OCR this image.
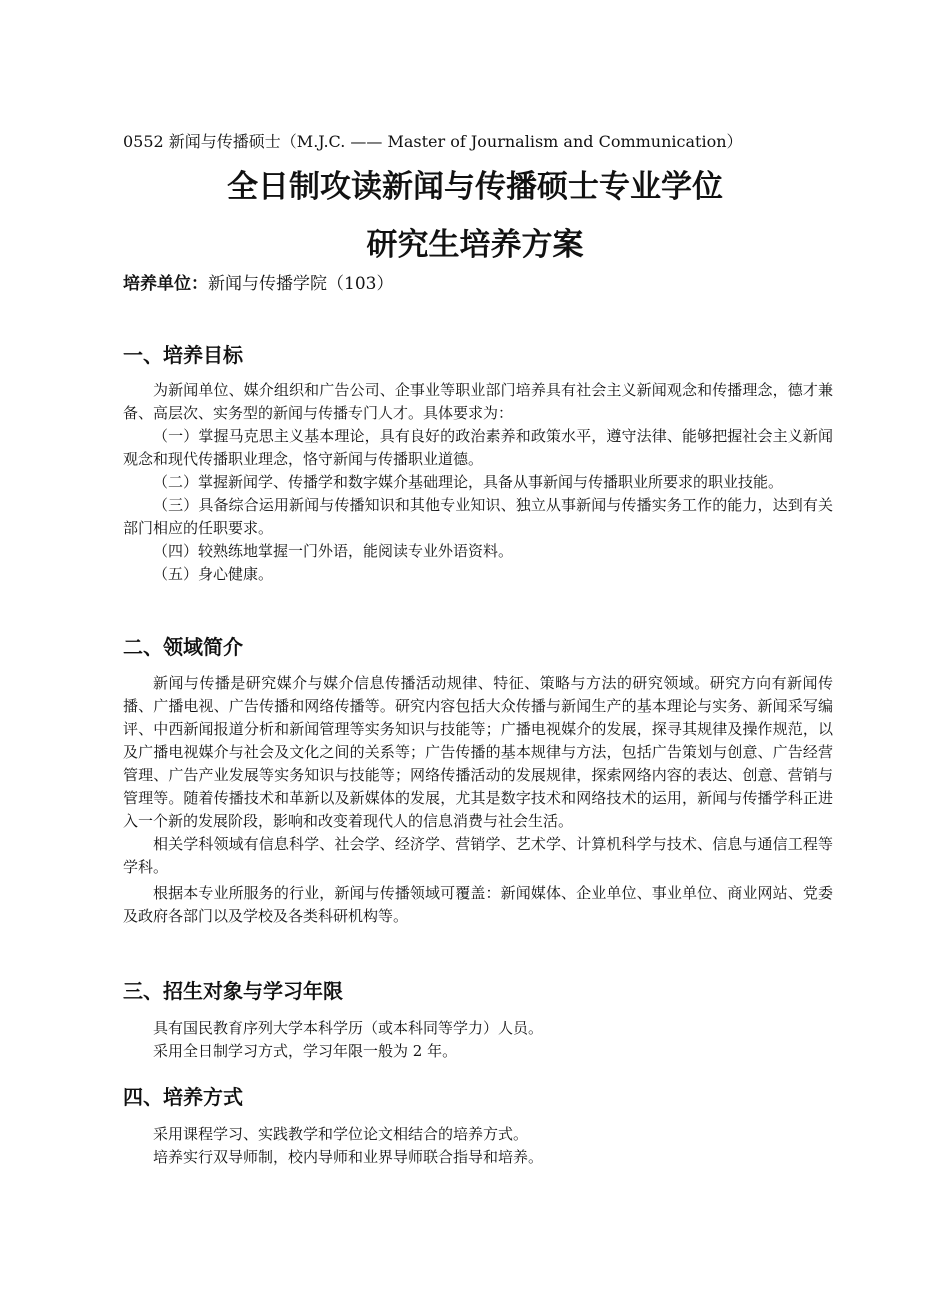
0552 新闻与传播硕士（M.J.C. —— Master of Journalism and Communication）
全日制攻读新闻与传播硕士专业学位
研究生培养方案
培养单位：新闻与传播学院（103）
一、培养目标

为新闻单位、媒介组织和广告公司、企事业等职业部门培养具有社会主义新闻观念和传播理念，德才兼备、高层次、实务型的新闻与传播专门人才。具体要求为：

（一）掌握马克思主义基本理论，具有良好的政治素养和政策水平，遵守法律、能够把握社会主义新闻观念和现代传播职业理念，恪守新闻与传播职业道德。

（二）掌握新闻学、传播学和数字媒介基础理论，具备从事新闻与传播职业所要求的职业技能。

（三）具备综合运用新闻与传播知识和其他专业知识、独立从事新闻与传播实务工作的能力，达到有关部门相应的任职要求。

（四）较熟练地掌握一门外语，能阅读专业外语资料。

（五）身心健康。

二、领域简介

新闻与传播是研究媒介与媒介信息传播活动规律、特征、策略与方法的研究领域。研究方向有新闻传播、广播电视、广告传播和网络传播等。研究内容包括大众传播与新闻生产的基本理论与实务、新闻采写编评、中西新闻报道分析和新闻管理等实务知识与技能等；广播电视媒介的发展，探寻其规律及操作规范，以及广播电视媒介与社会及文化之间的关系等；广告传播的基本规律与方法，包括广告策划与创意、广告经营管理、广告产业发展等实务知识与技能等；网络传播活动的发展规律，探索网络内容的表达、创意、营销与管理等。随着传播技术和革新以及新媒体的发展，尤其是数字技术和网络技术的运用，新闻与传播学科正进入一个新的发展阶段，影响和改变着现代人的信息消费与社会生活。

相关学科领域有信息科学、社会学、经济学、营销学、艺术学、计算机科学与技术、信息与通信工程等学科。

根据本专业所服务的行业，新闻与传播领域可覆盖：新闻媒体、企业单位、事业单位、商业网站、党委及政府各部门以及学校及各类科研机构等。

三、招生对象与学习年限

具有国民教育序列大学本科学历（或本科同等学力）人员。

采用全日制学习方式，学习年限一般为 2 年。

四、培养方式

采用课程学习、实践教学和学位论文相结合的培养方式。

培养实行双导师制，校内导师和业界导师联合指导和培养。
